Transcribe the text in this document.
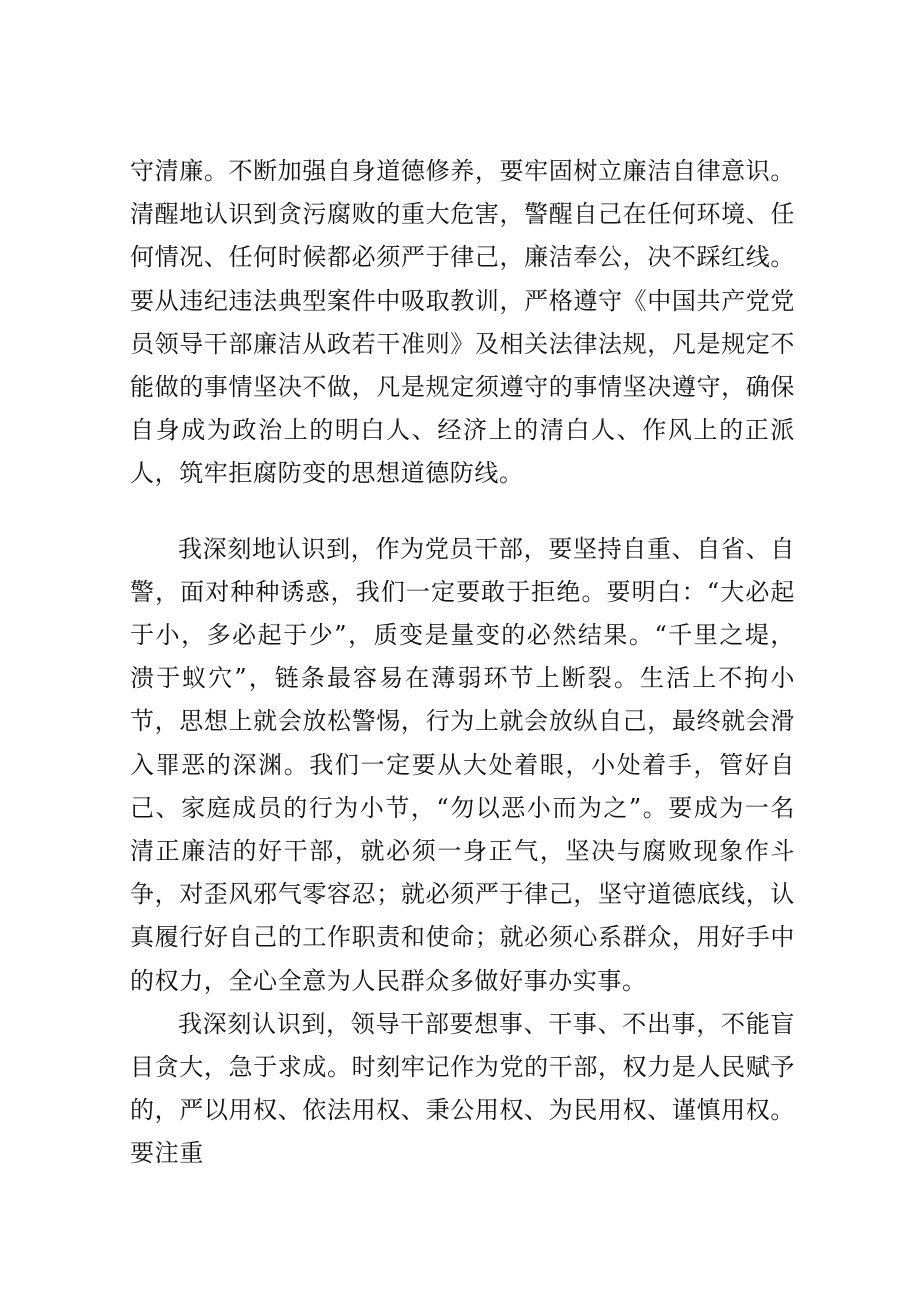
守清廉。不断加强自身道德修养，要牢固树立廉洁自律意识。清醒地认识到贪污腐败的重大危害，警醒自己在任何环境、任何情况、任何时候都必须严于律己，廉洁奉公，决不踩红线。要从违纪违法典型案件中吸取教训，严格遵守《中国共产党党员领导干部廉洁从政若干准则》及相关法律法规，凡是规定不能做的事情坚决不做，凡是规定须遵守的事情坚决遵守，确保自身成为政治上的明白人、经济上的清白人、作风上的正派人，筑牢拒腐防变的思想道德防线。

我深刻地认识到，作为党员干部，要坚持自重、自省、自警，面对种种诱惑，我们一定要敢于拒绝。要明白：“大必起于小，多必起于少”，质变是量变的必然结果。“千里之堤，溃于蚁穴”，链条最容易在薄弱环节上断裂。生活上不拘小节，思想上就会放松警惕，行为上就会放纵自己，最终就会滑入罪恶的深渊。我们一定要从大处着眼，小处着手，管好自己、家庭成员的行为小节，“勿以恶小而为之”。要成为一名清正廉洁的好干部，就必须一身正气，坚决与腐败现象作斗争，对歪风邪气零容忍；就必须严于律己，坚守道德底线，认真履行好自己的工作职责和使命；就必须心系群众，用好手中的权力，全心全意为人民群众多做好事办实事。

我深刻认识到，领导干部要想事、干事、不出事，不能盲目贪大，急于求成。时刻牢记作为党的干部，权力是人民赋予的，严以用权、依法用权、秉公用权、为民用权、谨慎用权。要注重
